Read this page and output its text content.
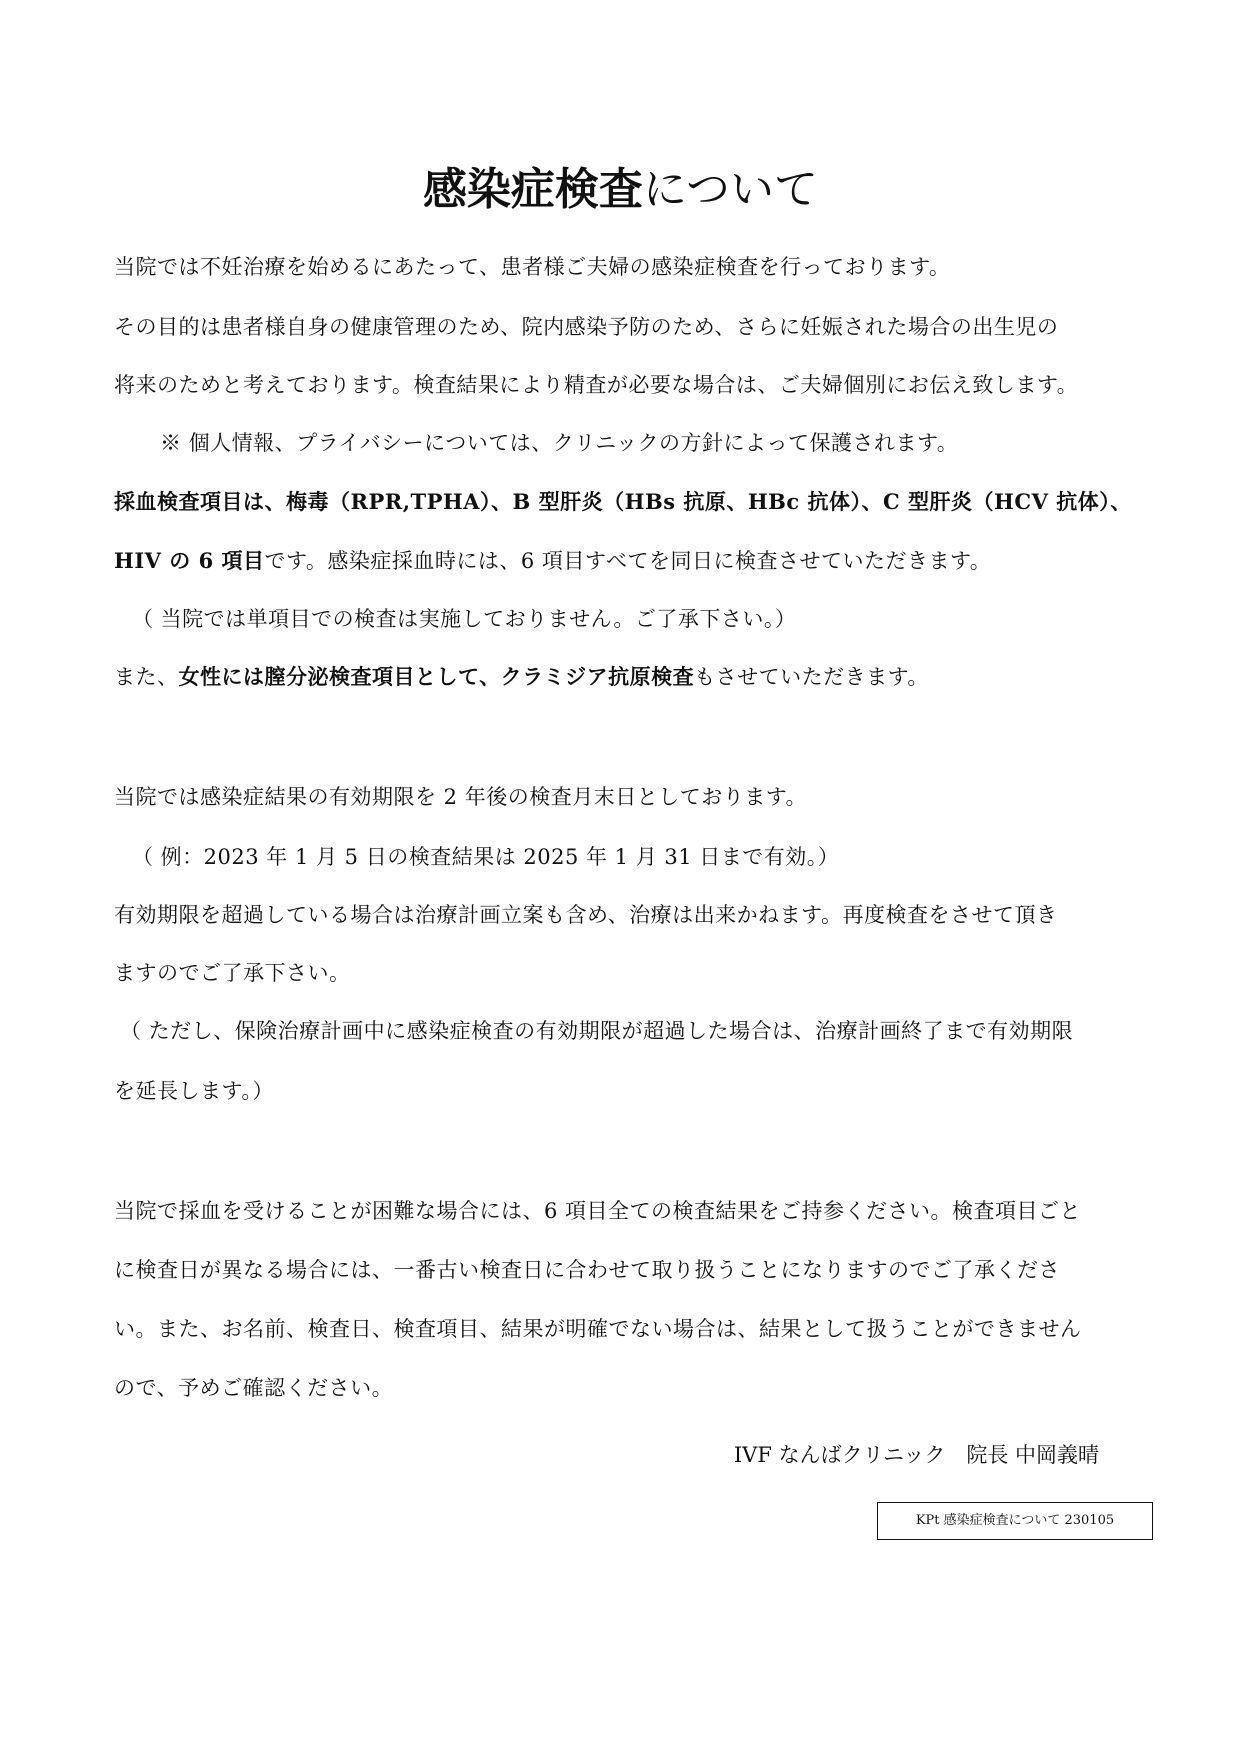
感染症検査について
当院では不妊治療を始めるにあたって、患者様ご夫婦の感染症検査を行っております。
その目的は患者様自身の健康管理のため、院内感染予防のため、さらに妊娠された場合の出生児の
将来のためと考えております。検査結果により精査が必要な場合は、ご夫婦個別にお伝え致します。
※ 個人情報、プライバシーについては、クリニックの方針によって保護されます。
採血検査項目は、梅毒（RPR,TPHA）、B 型肝炎（HBs 抗原、HBc 抗体）、C 型肝炎（HCV 抗体）、
HIV の 6 項目です。感染症採血時には、6 項目すべてを同日に検査させていただきます。
（ 当院では単項目での検査は実施しておりません。ご了承下さい。）
また、女性には膣分泌検査項目として、クラミジア抗原検査もさせていただきます。
当院では感染症結果の有効期限を 2 年後の検査月末日としております。
（ 例：2023 年 1 月 5 日の検査結果は 2025 年 1 月 31 日まで有効。）
有効期限を超過している場合は治療計画立案も含め、治療は出来かねます。再度検査をさせて頂き
ますのでご了承下さい。
（ ただし、保険治療計画中に感染症検査の有効期限が超過した場合は、治療計画終了まで有効期限
を延長します。）
当院で採血を受けることが困難な場合には、6 項目全ての検査結果をご持参ください。検査項目ごと
に検査日が異なる場合には、一番古い検査日に合わせて取り扱うことになりますのでご了承くださ
い。また、お名前、検査日、検査項目、結果が明確でない場合は、結果として扱うことができません
ので、予めご確認ください。
IVF なんばクリニック　院長 中岡義晴
KPt 感染症検査について 230105
